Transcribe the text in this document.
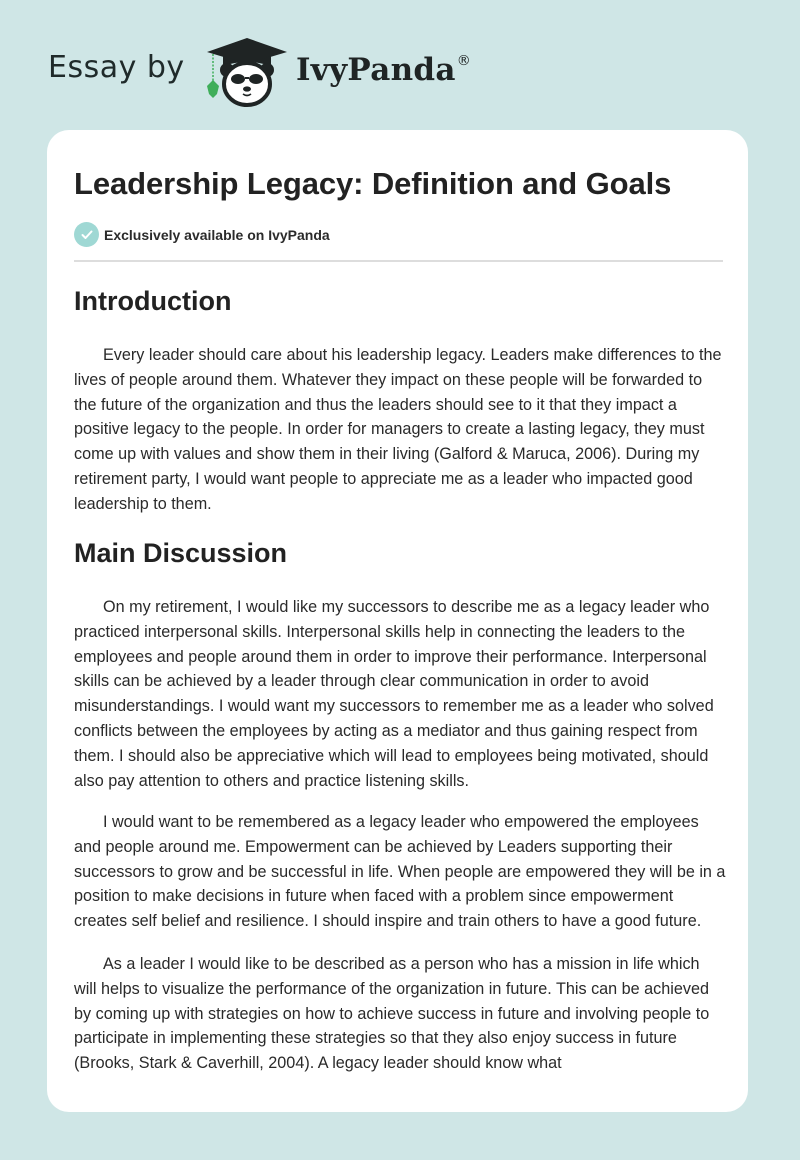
Essay by	IvyPanda®
Leadership Legacy: Definition and Goals
Exclusively available on IvyPanda
Introduction

Every leader should care about his leadership legacy. Leaders make differences to the lives of people around them. Whatever they impact on these people will be forwarded to the future of the organization and thus the leaders should see to it that they impact a positive legacy to the people. In order for managers to create a lasting legacy, they must come up with values and show them in their living (Galford & Maruca, 2006). During my retirement party, I would want people to appreciate me as a leader who impacted good leadership to them.

Main Discussion

On my retirement, I would like my successors to describe me as a legacy leader who practiced interpersonal skills. Interpersonal skills help in connecting the leaders to the employees and people around them in order to improve their performance. Interpersonal skills can be achieved by a leader through clear communication in order to avoid misunderstandings. I would want my successors to remember me as a leader who solved conflicts between the employees by acting as a mediator and thus gaining respect from them. I should also be appreciative which will lead to employees being motivated, should also pay attention to others and practice listening skills.

I would want to be remembered as a legacy leader who empowered the employees and people around me. Empowerment can be achieved by Leaders supporting their successors to grow and be successful in life. When people are empowered they will be in a position to make decisions in future when faced with a problem since empowerment creates self belief and resilience. I should inspire and train others to have a good future.

As a leader I would like to be described as a person who has a mission in life which will helps to visualize the performance of the organization in future. This can be achieved by coming up with strategies on how to achieve success in future and involving people to participate in implementing these strategies so that they also enjoy success in future (Brooks, Stark & Caverhill, 2004). A legacy leader should know what
